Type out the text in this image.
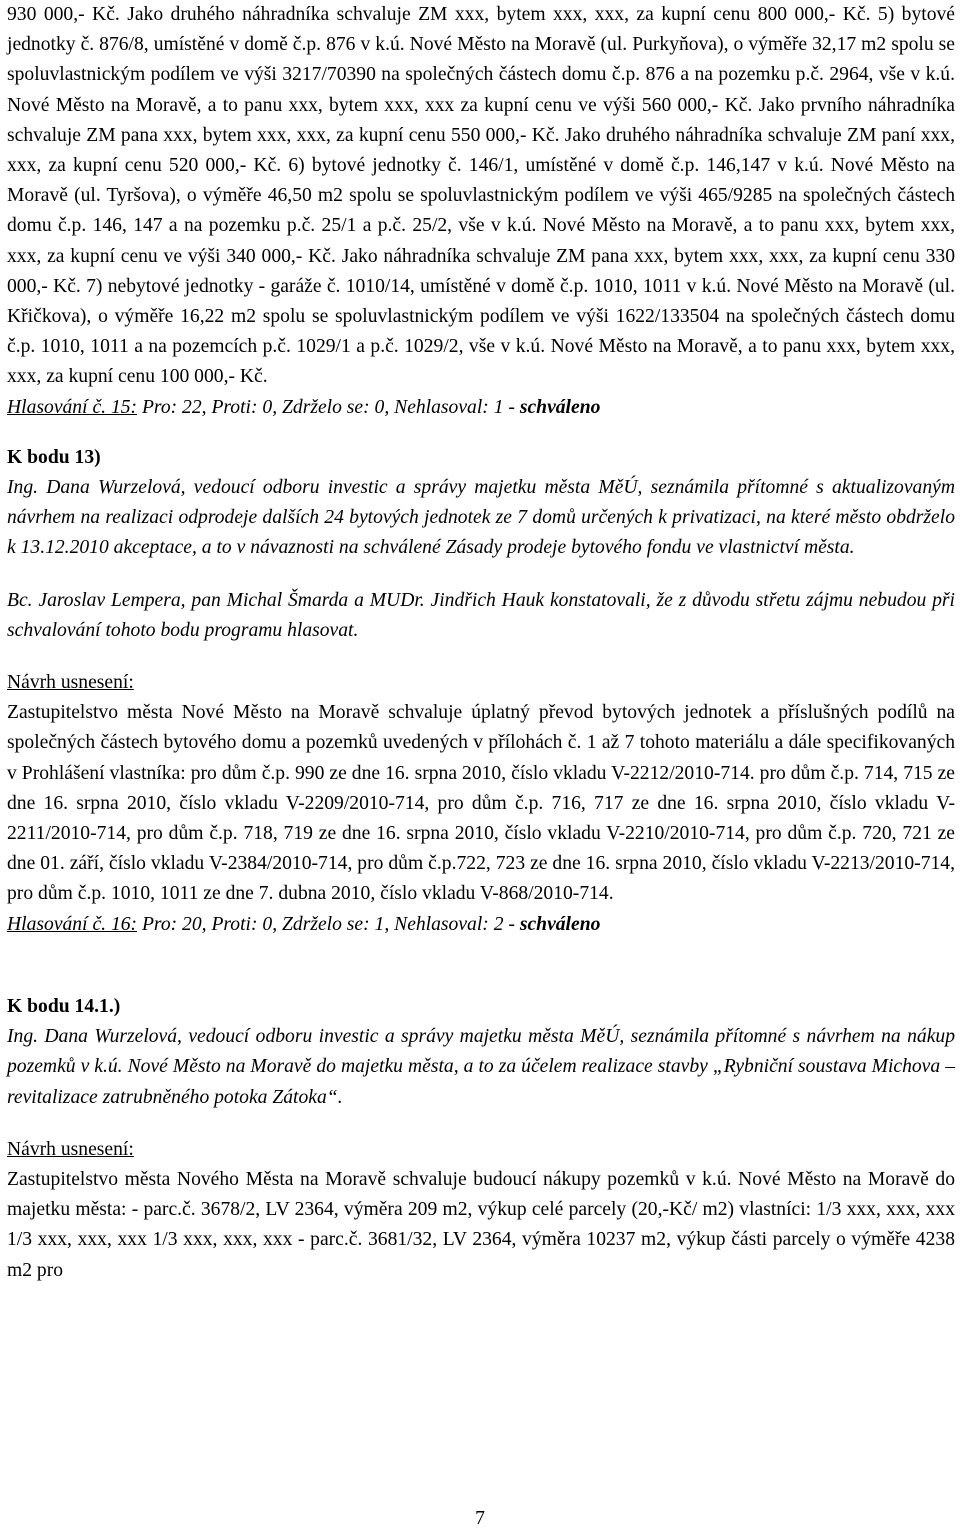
930 000,- Kč. Jako druhého náhradníka schvaluje ZM xxx, bytem xxx, xxx, za kupní cenu 800 000,- Kč. 5) bytové jednotky č. 876/8, umístěné v domě č.p. 876 v k.ú. Nové Město na Moravě (ul. Purkyňova), o výměře 32,17 m2 spolu se spoluvlastnickým podílem ve výši 3217/70390 na společných částech domu č.p. 876 a na pozemku p.č. 2964, vše v k.ú. Nové Město na Moravě, a to panu xxx, bytem xxx, xxx za kupní cenu ve výši 560 000,- Kč. Jako prvního náhradníka schvaluje ZM pana xxx, bytem xxx, xxx, za kupní cenu 550 000,- Kč. Jako druhého náhradníka schvaluje ZM paní xxx, xxx, za kupní cenu 520 000,- Kč. 6) bytové jednotky č. 146/1, umístěné v domě č.p. 146,147 v k.ú. Nové Město na Moravě (ul. Tyršova), o výměře 46,50 m2 spolu se spoluvlastnickým podílem ve výši 465/9285 na společných částech domu č.p. 146, 147 a na pozemku p.č. 25/1 a p.č. 25/2, vše v k.ú. Nové Město na Moravě, a to panu xxx, bytem xxx, xxx, za kupní cenu ve výši 340 000,- Kč. Jako náhradníka schvaluje ZM pana xxx, bytem xxx, xxx, za kupní cenu 330 000,- Kč. 7) nebytové jednotky - garáže č. 1010/14, umístěné v domě č.p. 1010, 1011 v k.ú. Nové Město na Moravě (ul. Křičkova), o výměře 16,22 m2 spolu se spoluvlastnickým podílem ve výši 1622/133504 na společných částech domu č.p. 1010, 1011 a na pozemcích p.č. 1029/1 a p.č. 1029/2, vše v k.ú. Nové Město na Moravě, a to panu xxx, bytem xxx, xxx, za kupní cenu 100 000,- Kč.

Hlasování č. 15: Pro: 22, Proti: 0, Zdrželo se: 0, Nehlasoval: 1 - schváleno

K bodu 13)

Ing. Dana Wurzelová, vedoucí odboru investic a správy majetku města MěÚ, seznámila přítomné s aktualizovaným návrhem na realizaci odprodeje dalších 24 bytových jednotek ze 7 domů určených k privatizaci, na které město obdrželo k 13.12.2010 akceptace, a to v návaznosti na schválené Zásady prodeje bytového fondu ve vlastnictví města.

Bc. Jaroslav Lempera, pan Michal Šmarda a MUDr. Jindřich Hauk konstatovali, že z důvodu střetu zájmu nebudou při schvalování tohoto bodu programu hlasovat.

Návrh usnesení:

Zastupitelstvo města Nové Město na Moravě schvaluje úplatný převod bytových jednotek a příslušných podílů na společných částech bytového domu a pozemků uvedených v přílohách č. 1 až 7 tohoto materiálu a dále specifikovaných v Prohlášení vlastníka: pro dům č.p. 990 ze dne 16. srpna 2010, číslo vkladu V-2212/2010-714. pro dům č.p. 714, 715 ze dne 16. srpna 2010, číslo vkladu V-2209/2010-714, pro dům č.p. 716, 717 ze dne 16. srpna 2010, číslo vkladu V-2211/2010-714, pro dům č.p. 718, 719 ze dne 16. srpna 2010, číslo vkladu V-2210/2010-714, pro dům č.p. 720, 721 ze dne 01. září, číslo vkladu V-2384/2010-714, pro dům č.p.722, 723 ze dne 16. srpna 2010, číslo vkladu V-2213/2010-714, pro dům č.p. 1010, 1011 ze dne 7. dubna 2010, číslo vkladu V-868/2010-714.

Hlasování č. 16: Pro: 20, Proti: 0, Zdrželo se: 1, Nehlasoval: 2 - schváleno

K bodu 14.1.)

Ing. Dana Wurzelová, vedoucí odboru investic a správy majetku města MěÚ, seznámila přítomné s návrhem na nákup pozemků v k.ú. Nové Město na Moravě do majetku města, a to za účelem realizace stavby „Rybniční soustava Michova – revitalizace zatrubněného potoka Zátoka“.

Návrh usnesení:

Zastupitelstvo města Nového Města na Moravě schvaluje budoucí nákupy pozemků v k.ú. Nové Město na Moravě do majetku města: - parc.č. 3678/2, LV 2364, výměra 209 m2, výkup celé parcely (20,-Kč/ m2) vlastníci: 1/3 xxx, xxx, xxx 1/3 xxx, xxx, xxx 1/3 xxx, xxx, xxx - parc.č. 3681/32, LV 2364, výměra 10237 m2, výkup části parcely o výměře 4238 m2 pro

7
